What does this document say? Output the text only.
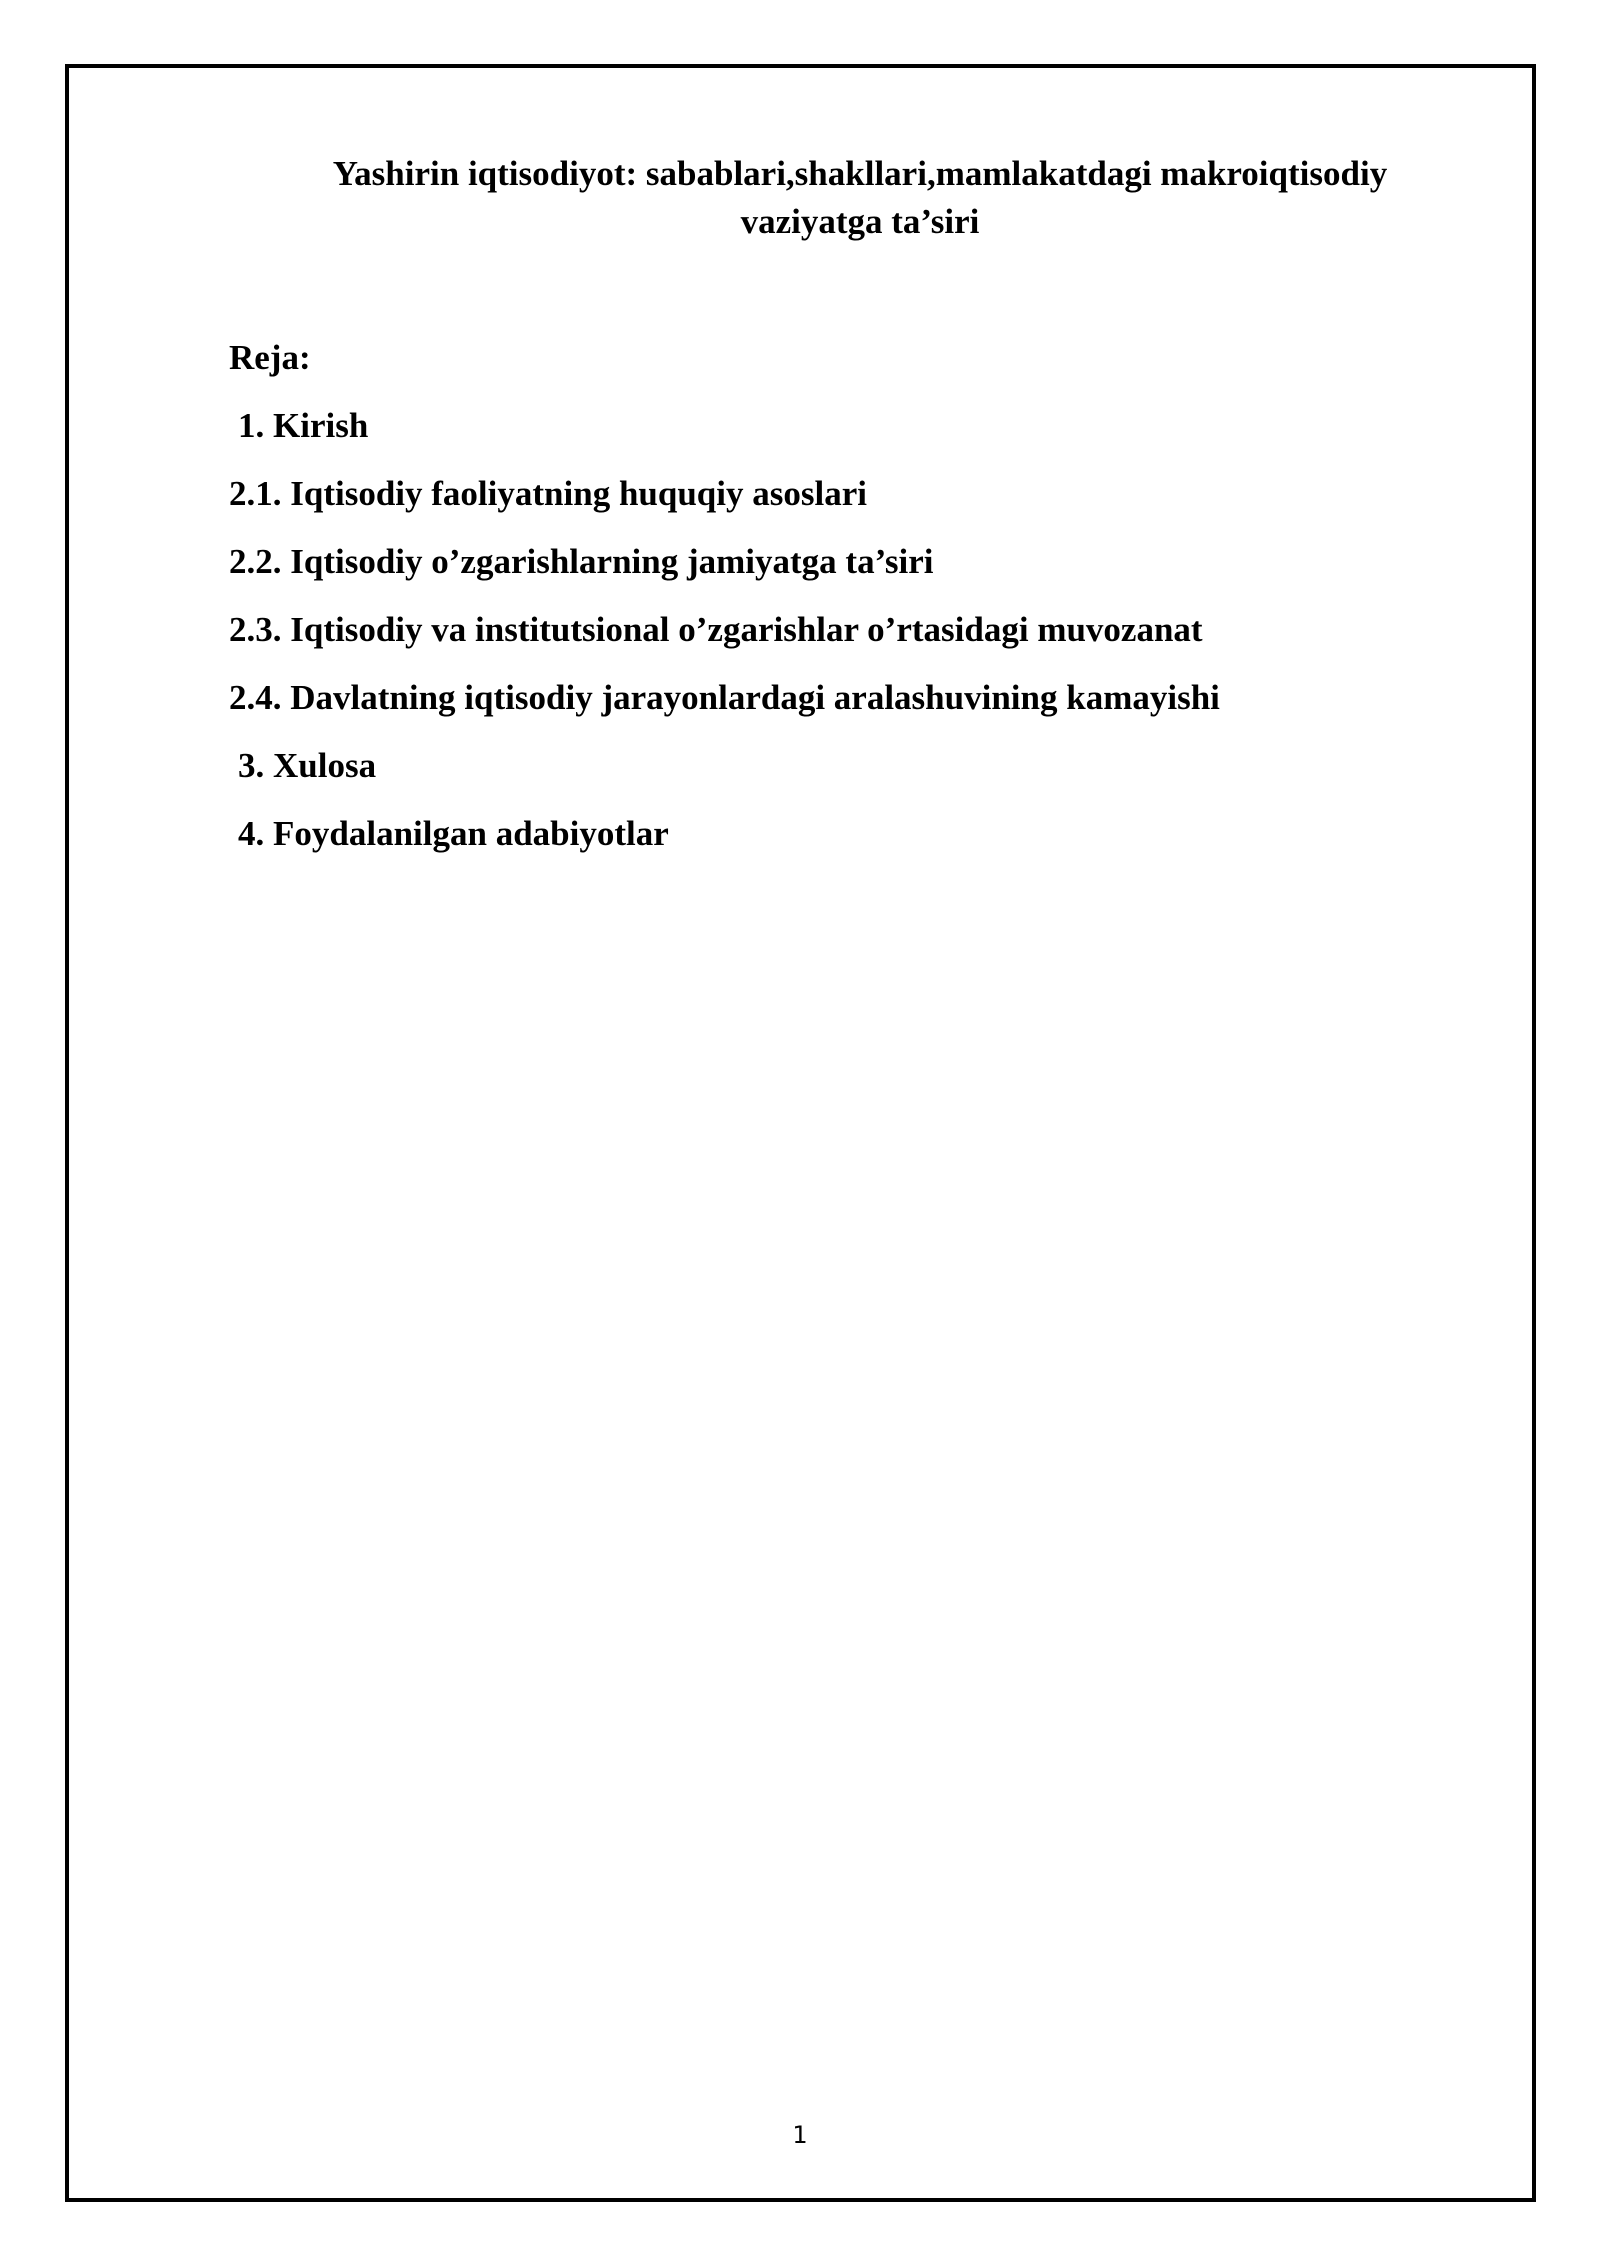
Yashirin iqtisodiyot: sabablari,shakllari,mamlakatdagi makroiqtisodiy
vaziyatga ta’siri

Reja:

1. Kirish
2.1. Iqtisodiy faoliyatning huquqiy asoslari
2.2. Iqtisodiy o’zgarishlarning jamiyatga ta’siri
2.3. Iqtisodiy va institutsional o’zgarishlar o’rtasidagi muvozanat
2.4. Davlatning iqtisodiy jarayonlardagi aralashuvining kamayishi
3. Xulosa
4. Foydalanilgan adabiyotlar
1
